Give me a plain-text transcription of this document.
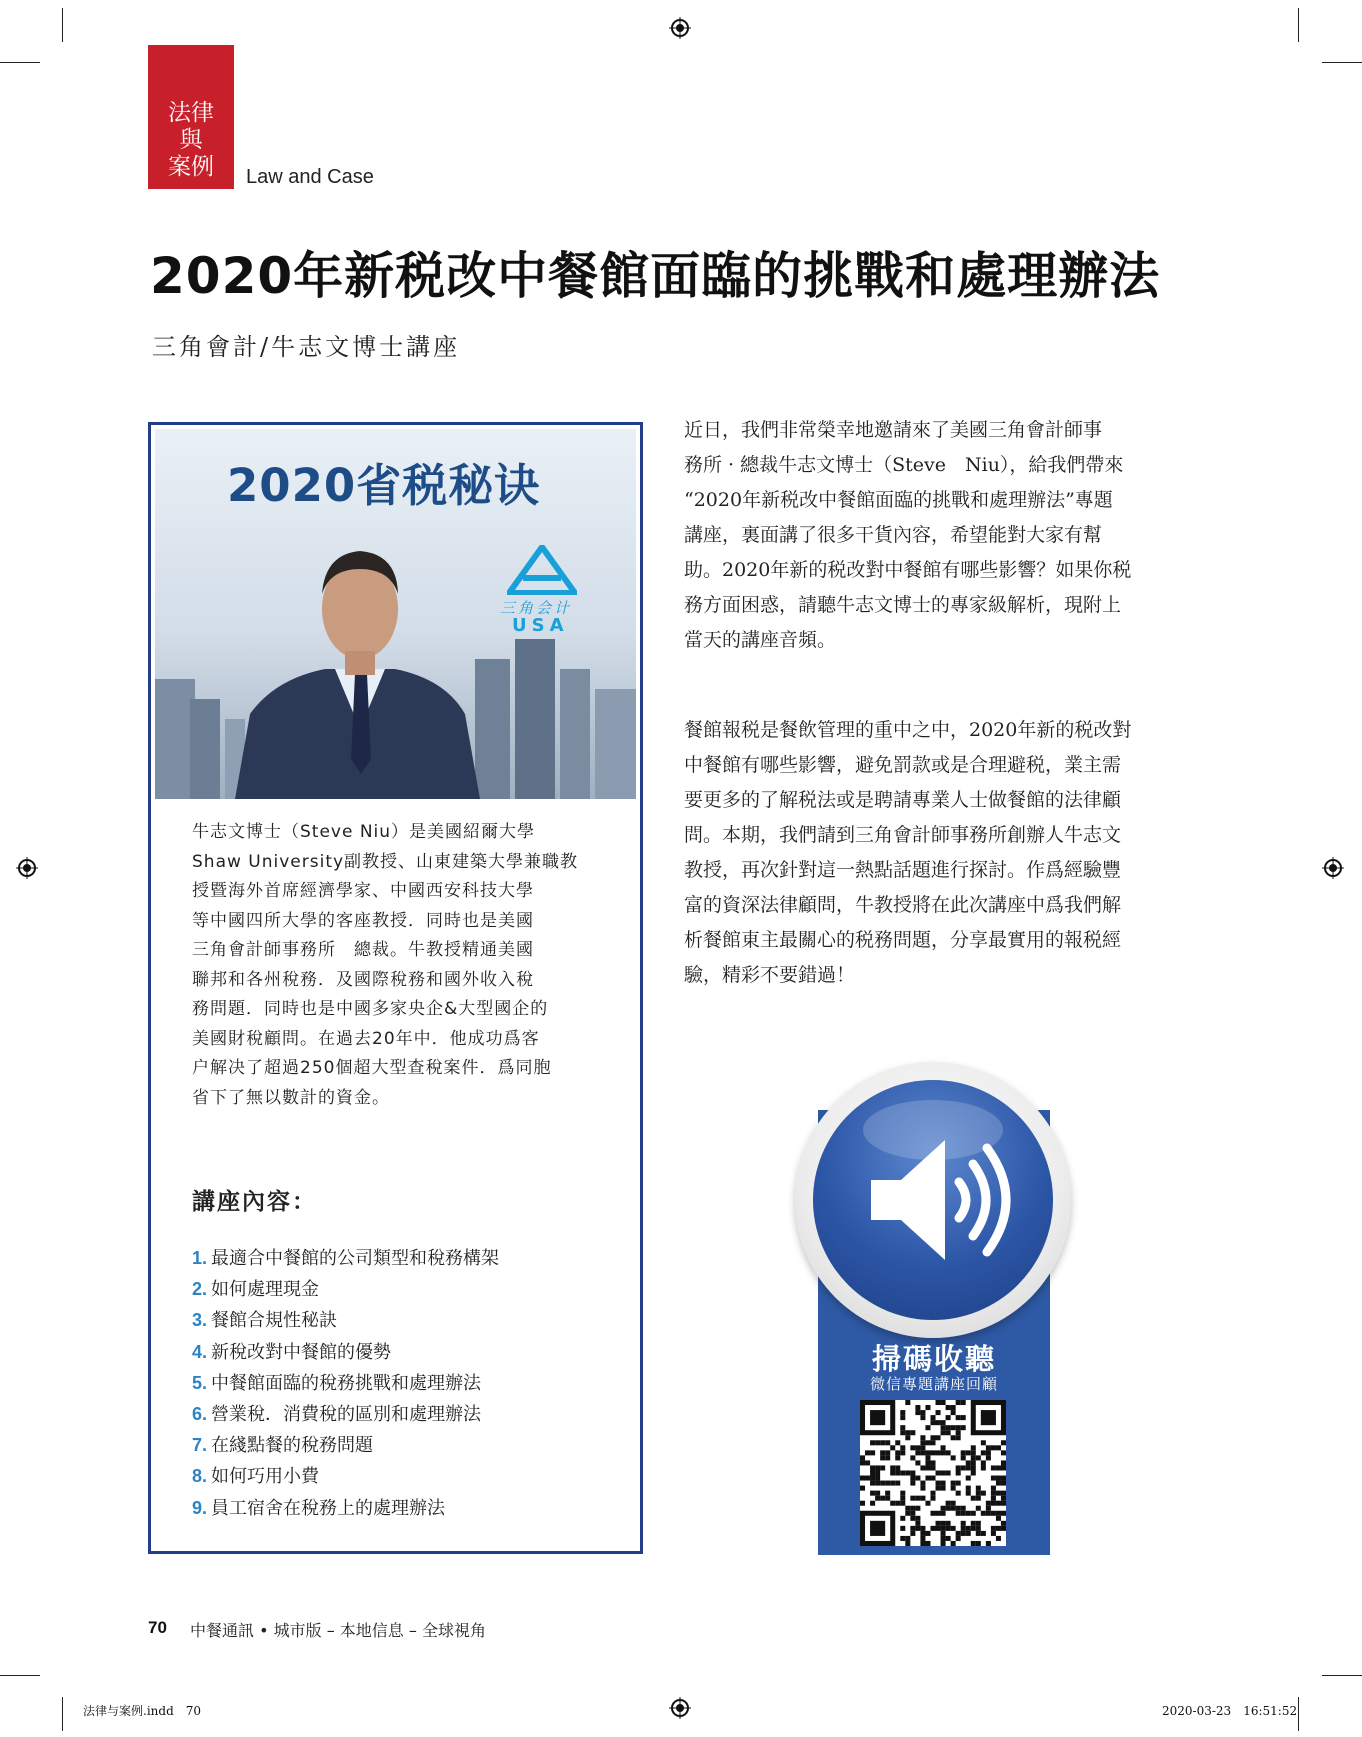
法律
與
案例	Law and Case
2020年新税改中餐館面臨的挑戰和處理辦法
三角會計/牛志文博士講座
2020省税秘诀
三角会计
USA
牛志文博士（Steve Niu）是美國紹爾大學
Shaw University副教授、山東建築大學兼職教
授暨海外首席經濟學家、中國西安科技大學
等中國四所大學的客座教授．同時也是美國
三角會計師事務所　總裁。牛教授精通美國
聯邦和各州稅務．及國際稅務和國外收入稅
務問題．同時也是中國多家央企&大型國企的
美國財稅顧問。在過去20年中．他成功爲客
户解决了超過250個超大型查稅案件．爲同胞
省下了無以數計的資金。
講座內容：
1. 最適合中餐館的公司類型和稅務構架
2. 如何處理現金
3. 餐館合規性秘訣
4. 新稅改對中餐館的優勢
5. 中餐館面臨的稅務挑戰和處理辦法
6. 營業稅．消費稅的區別和處理辦法
7. 在綫點餐的稅務問題
8. 如何巧用小費
9. 員工宿舍在稅務上的處理辦法
近日，我們非常榮幸地邀請來了美國三角會計師事
務所 · 總裁牛志文博士（Steve　Niu），給我們帶來
“2020年新税改中餐館面臨的挑戰和處理辦法”專題
講座，裏面講了很多干貨內容，希望能對大家有幫
助。2020年新的税改對中餐館有哪些影響？如果你税
務方面困惑，請聽牛志文博士的專家級解析，現附上
當天的講座音頻。
餐館報税是餐飲管理的重中之中，2020年新的税改對
中餐館有哪些影響，避免罰款或是合理避税，業主需
要更多的了解税法或是聘請專業人士做餐館的法律顧
問。本期，我們請到三角會計師事務所創辦人牛志文
教授，再次針對這一熱點話題進行探討。作爲經驗豐
富的資深法律顧問，牛教授將在此次講座中爲我們解
析餐館東主最關心的税務問題，分享最實用的報税經
驗，精彩不要錯過！
掃碼收聽
微信專題講座回顧
70 中餐通訊 • 城市版 – 本地信息 – 全球視角
法律与案例.indd　70	2020-03-23　16:51:52
